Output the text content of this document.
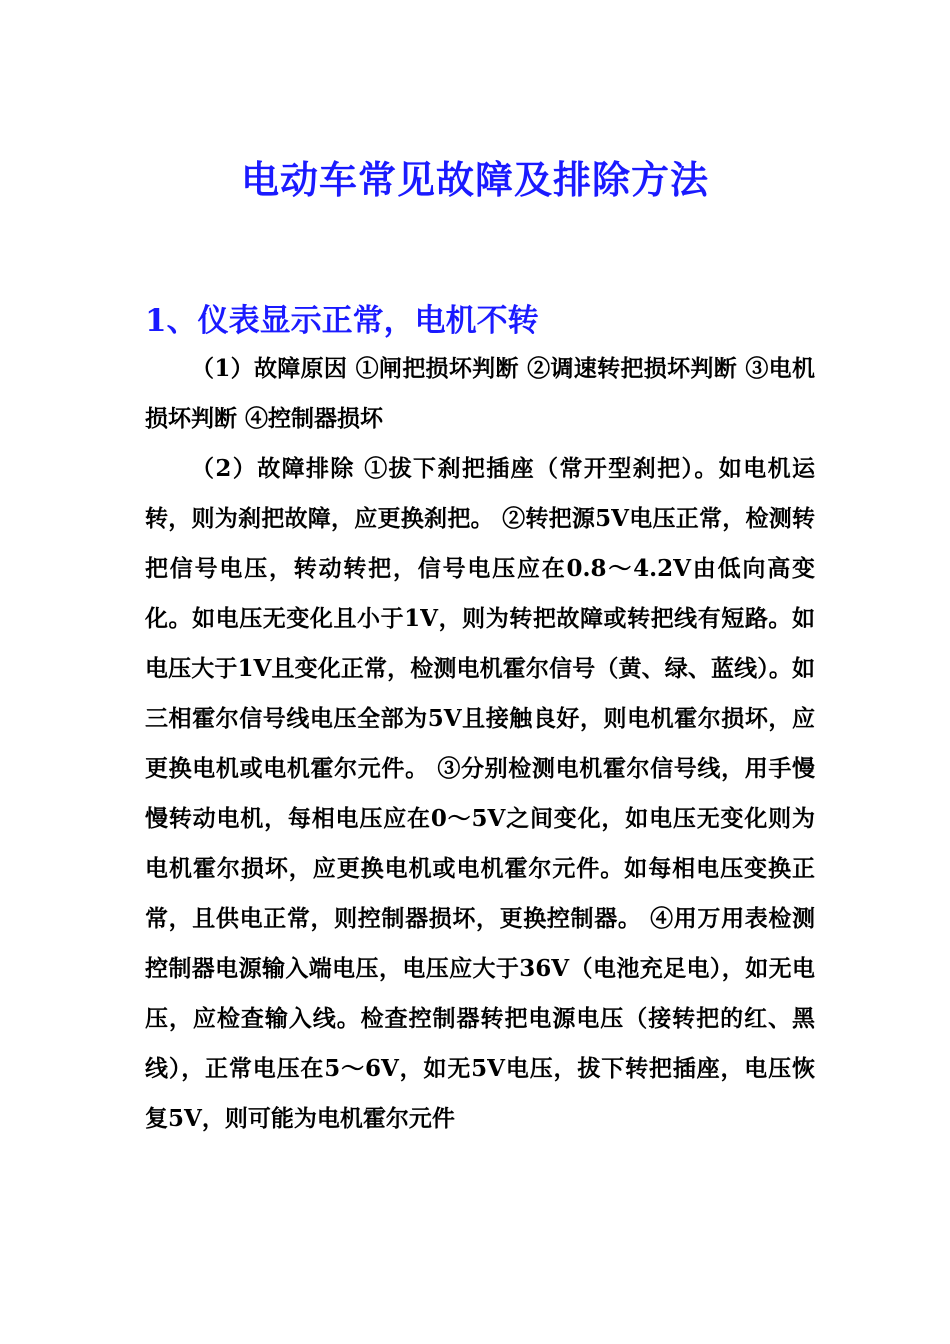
电动车常见故障及排除方法
1、仪表显示正常，电机不转

（1）故障原因 ①闸把损坏判断 ②调速转把损坏判断 ③电机损坏判断 ④控制器损坏

（2）故障排除 ①拔下刹把插座（常开型刹把）。如电机运转，则为刹把故障，应更换刹把。 ②转把源5V电压正常，检测转把信号电压，转动转把，信号电压应在0.8～4.2V由低向高变化。如电压无变化且小于1V，则为转把故障或转把线有短路。如电压大于1V且变化正常，检测电机霍尔信号（黄、绿、蓝线）。如三相霍尔信号线电压全部为5V且接触良好，则电机霍尔损坏，应更换电机或电机霍尔元件。 ③分别检测电机霍尔信号线，用手慢慢转动电机，每相电压应在0～5V之间变化，如电压无变化则为电机霍尔损坏，应更换电机或电机霍尔元件。如每相电压变换正常，且供电正常，则控制器损坏，更换控制器。 ④用万用表检测控制器电源输入端电压，电压应大于36V（电池充足电），如无电压，应检查输入线。检查控制器转把电源电压（接转把的红、黑线），正常电压在5～6V，如无5V电压，拔下转把插座，电压恢复5V，则可能为电机霍尔元件
